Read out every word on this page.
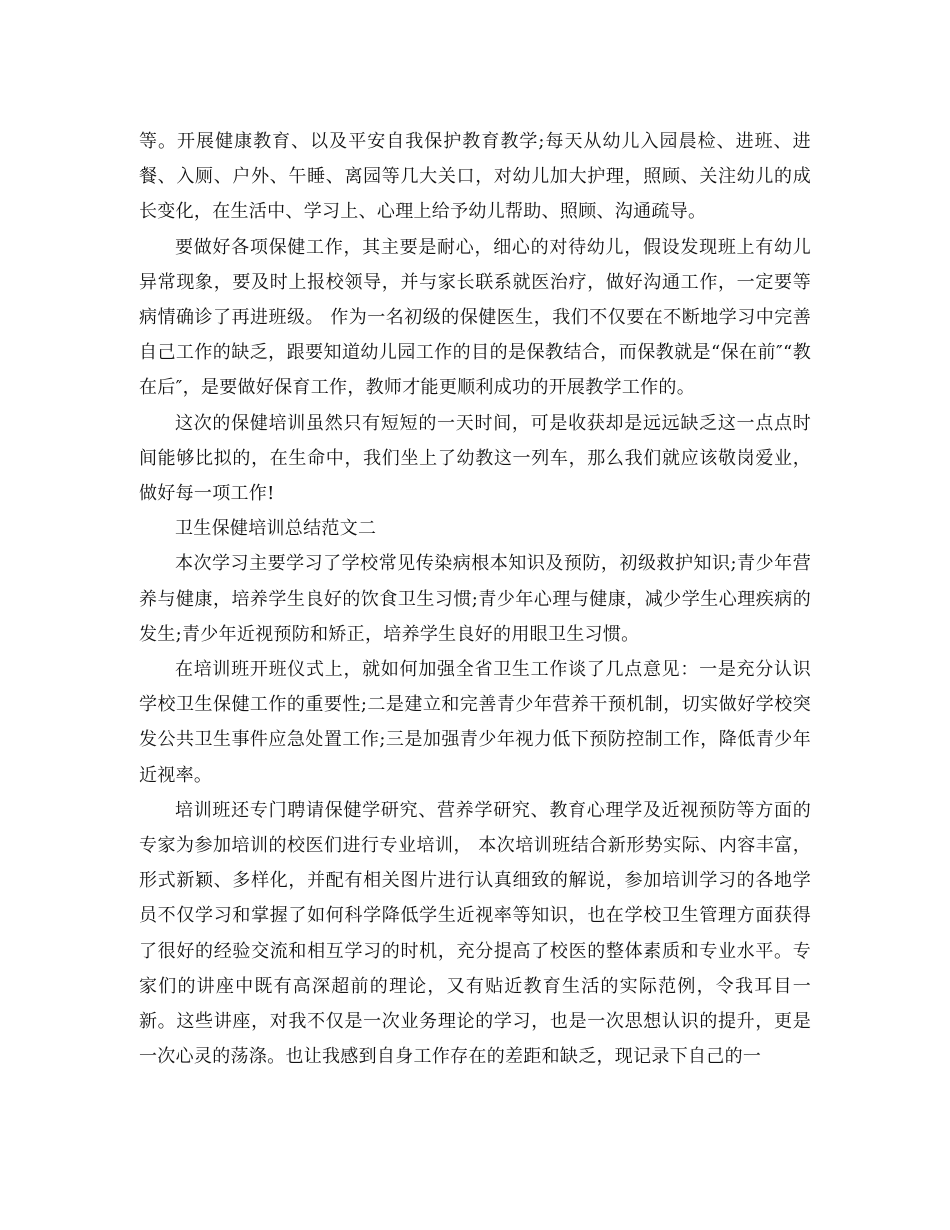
等。开展健康教育、以及平安自我保护教育教学;每天从幼儿入园晨检、进班、进餐、入厕、户外、午睡、离园等几大关口，对幼儿加大护理，照顾、关注幼儿的成长变化，在生活中、学习上、心理上给予幼儿帮助、照顾、沟通疏导。

要做好各项保健工作，其主要是耐心，细心的对待幼儿，假设发现班上有幼儿异常现象，要及时上报校领导，并与家长联系就医治疗，做好沟通工作，一定要等病情确诊了再进班级。 作为一名初级的保健医生，我们不仅要在不断地学习中完善自己工作的缺乏，跟要知道幼儿园工作的目的是保教结合，而保教就是“保在前″“教在后″，是要做好保育工作，教师才能更顺利成功的开展教学工作的。

这次的保健培训虽然只有短短的一天时间，可是收获却是远远缺乏这一点点时间能够比拟的，在生命中，我们坐上了幼教这一列车，那么我们就应该敬岗爱业，做好每一项工作!

卫生保健培训总结范文二

本次学习主要学习了学校常见传染病根本知识及预防，初级救护知识;青少年营养与健康，培养学生良好的饮食卫生习惯;青少年心理与健康，减少学生心理疾病的发生;青少年近视预防和矫正，培养学生良好的用眼卫生习惯。

在培训班开班仪式上，就如何加强全省卫生工作谈了几点意见：一是充分认识学校卫生保健工作的重要性;二是建立和完善青少年营养干预机制，切实做好学校突发公共卫生事件应急处置工作;三是加强青少年视力低下预防控制工作，降低青少年近视率。

培训班还专门聘请保健学研究、营养学研究、教育心理学及近视预防等方面的专家为参加培训的校医们进行专业培训， 本次培训班结合新形势实际、内容丰富，形式新颖、多样化，并配有相关图片进行认真细致的解说，参加培训学习的各地学员不仅学习和掌握了如何科学降低学生近视率等知识，也在学校卫生管理方面获得了很好的经验交流和相互学习的时机，充分提高了校医的整体素质和专业水平。专家们的讲座中既有高深超前的理论，又有贴近教育生活的实际范例，令我耳目一新。这些讲座，对我不仅是一次业务理论的学习，也是一次思想认识的提升，更是一次心灵的荡涤。也让我感到自身工作存在的差距和缺乏，现记录下自己的一
